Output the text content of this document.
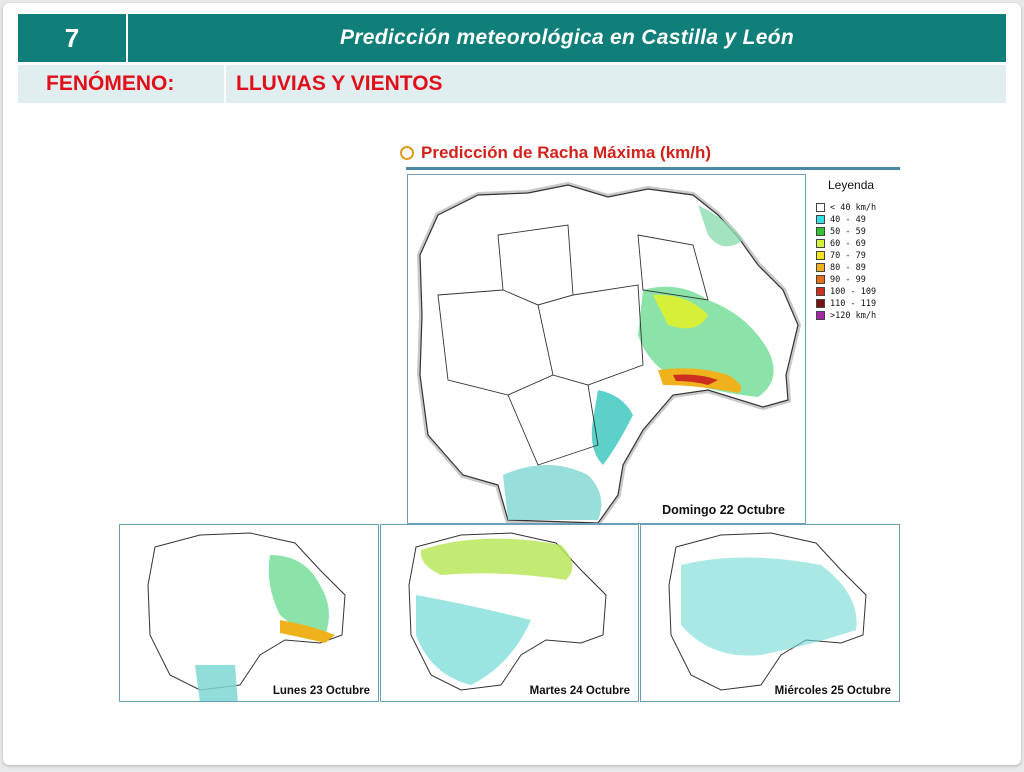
7	Predicción meteorológica en Castilla y León
FENÓMENO:	LLUVIAS Y VIENTOS
Predicción de Racha Máxima (km/h)
Domingo 22 Octubre
Leyenda
< 40 km/h
40 - 49
50 - 59
60 - 69
70 - 79
80 - 89
90 - 99
100 - 109
110 - 119
>120 km/h
Lunes 23 Octubre	Martes 24 Octubre	Miércoles 25 Octubre
